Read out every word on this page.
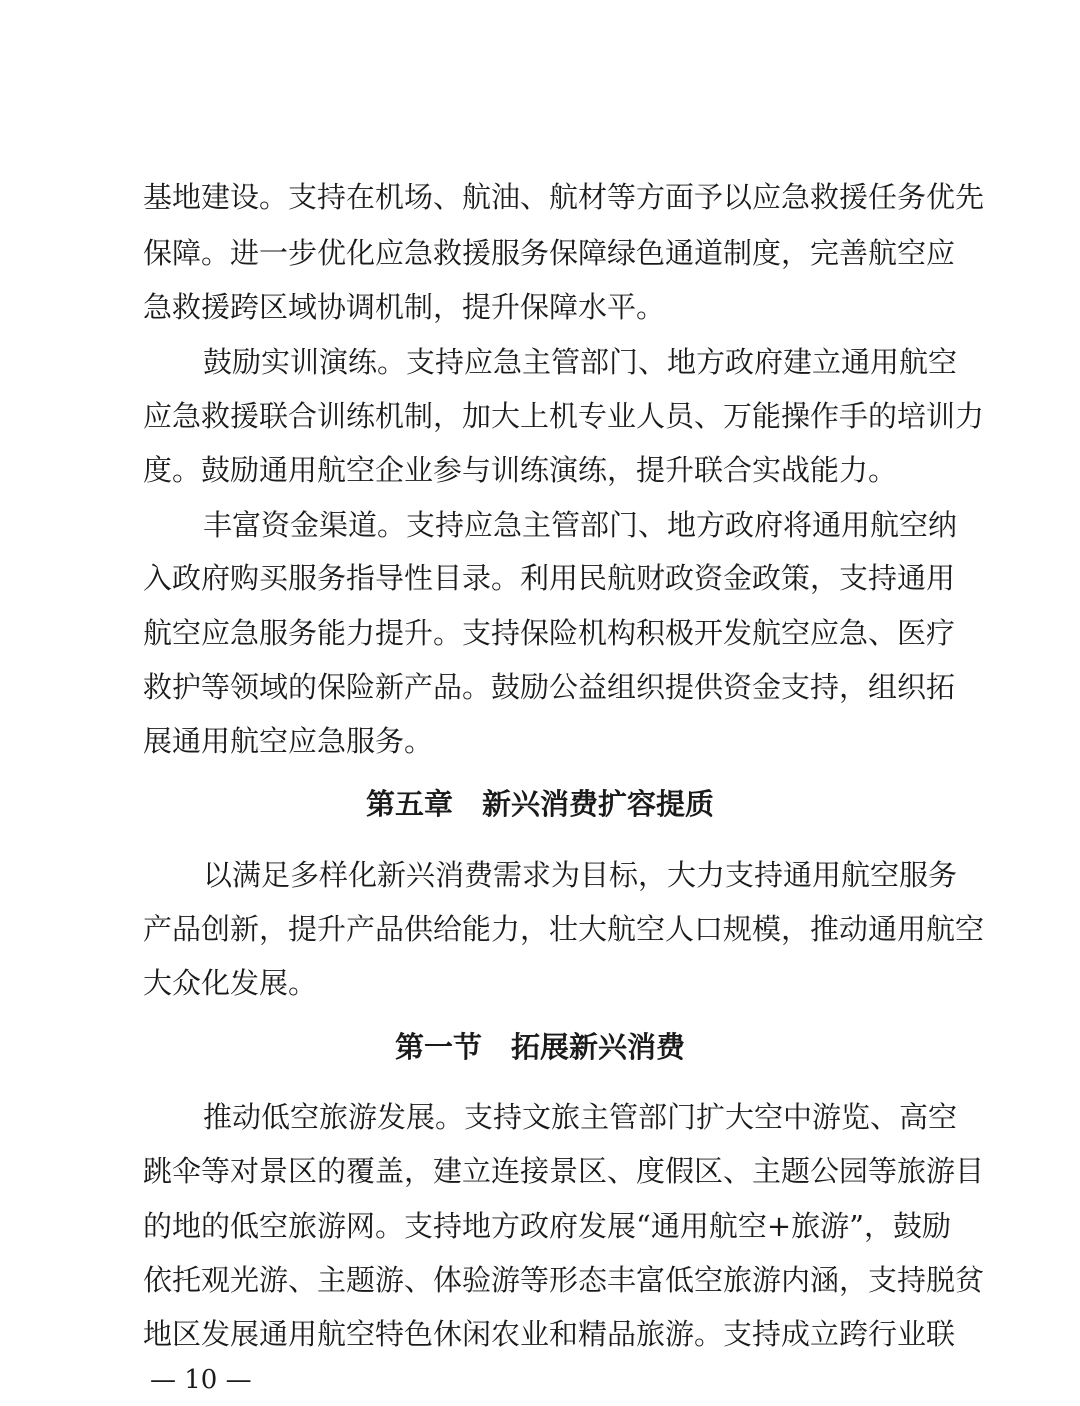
基地建设。支持在机场、航油、航材等方面予以应急救援任务优先
保障。进一步优化应急救援服务保障绿色通道制度，完善航空应
急救援跨区域协调机制，提升保障水平。
鼓励实训演练。支持应急主管部门、地方政府建立通用航空
应急救援联合训练机制，加大上机专业人员、万能操作手的培训力
度。鼓励通用航空企业参与训练演练，提升联合实战能力。
丰富资金渠道。支持应急主管部门、地方政府将通用航空纳
入政府购买服务指导性目录。利用民航财政资金政策，支持通用
航空应急服务能力提升。支持保险机构积极开发航空应急、医疗
救护等领域的保险新产品。鼓励公益组织提供资金支持，组织拓
展通用航空应急服务。
第五章　新兴消费扩容提质
以满足多样化新兴消费需求为目标，大力支持通用航空服务
产品创新，提升产品供给能力，壮大航空人口规模，推动通用航空
大众化发展。
第一节　拓展新兴消费
推动低空旅游发展。支持文旅主管部门扩大空中游览、高空
跳伞等对景区的覆盖，建立连接景区、度假区、主题公园等旅游目
的地的低空旅游网。支持地方政府发展“通用航空+旅游”，鼓励
依托观光游、主题游、体验游等形态丰富低空旅游内涵，支持脱贫
地区发展通用航空特色休闲农业和精品旅游。支持成立跨行业联
— 10 —
